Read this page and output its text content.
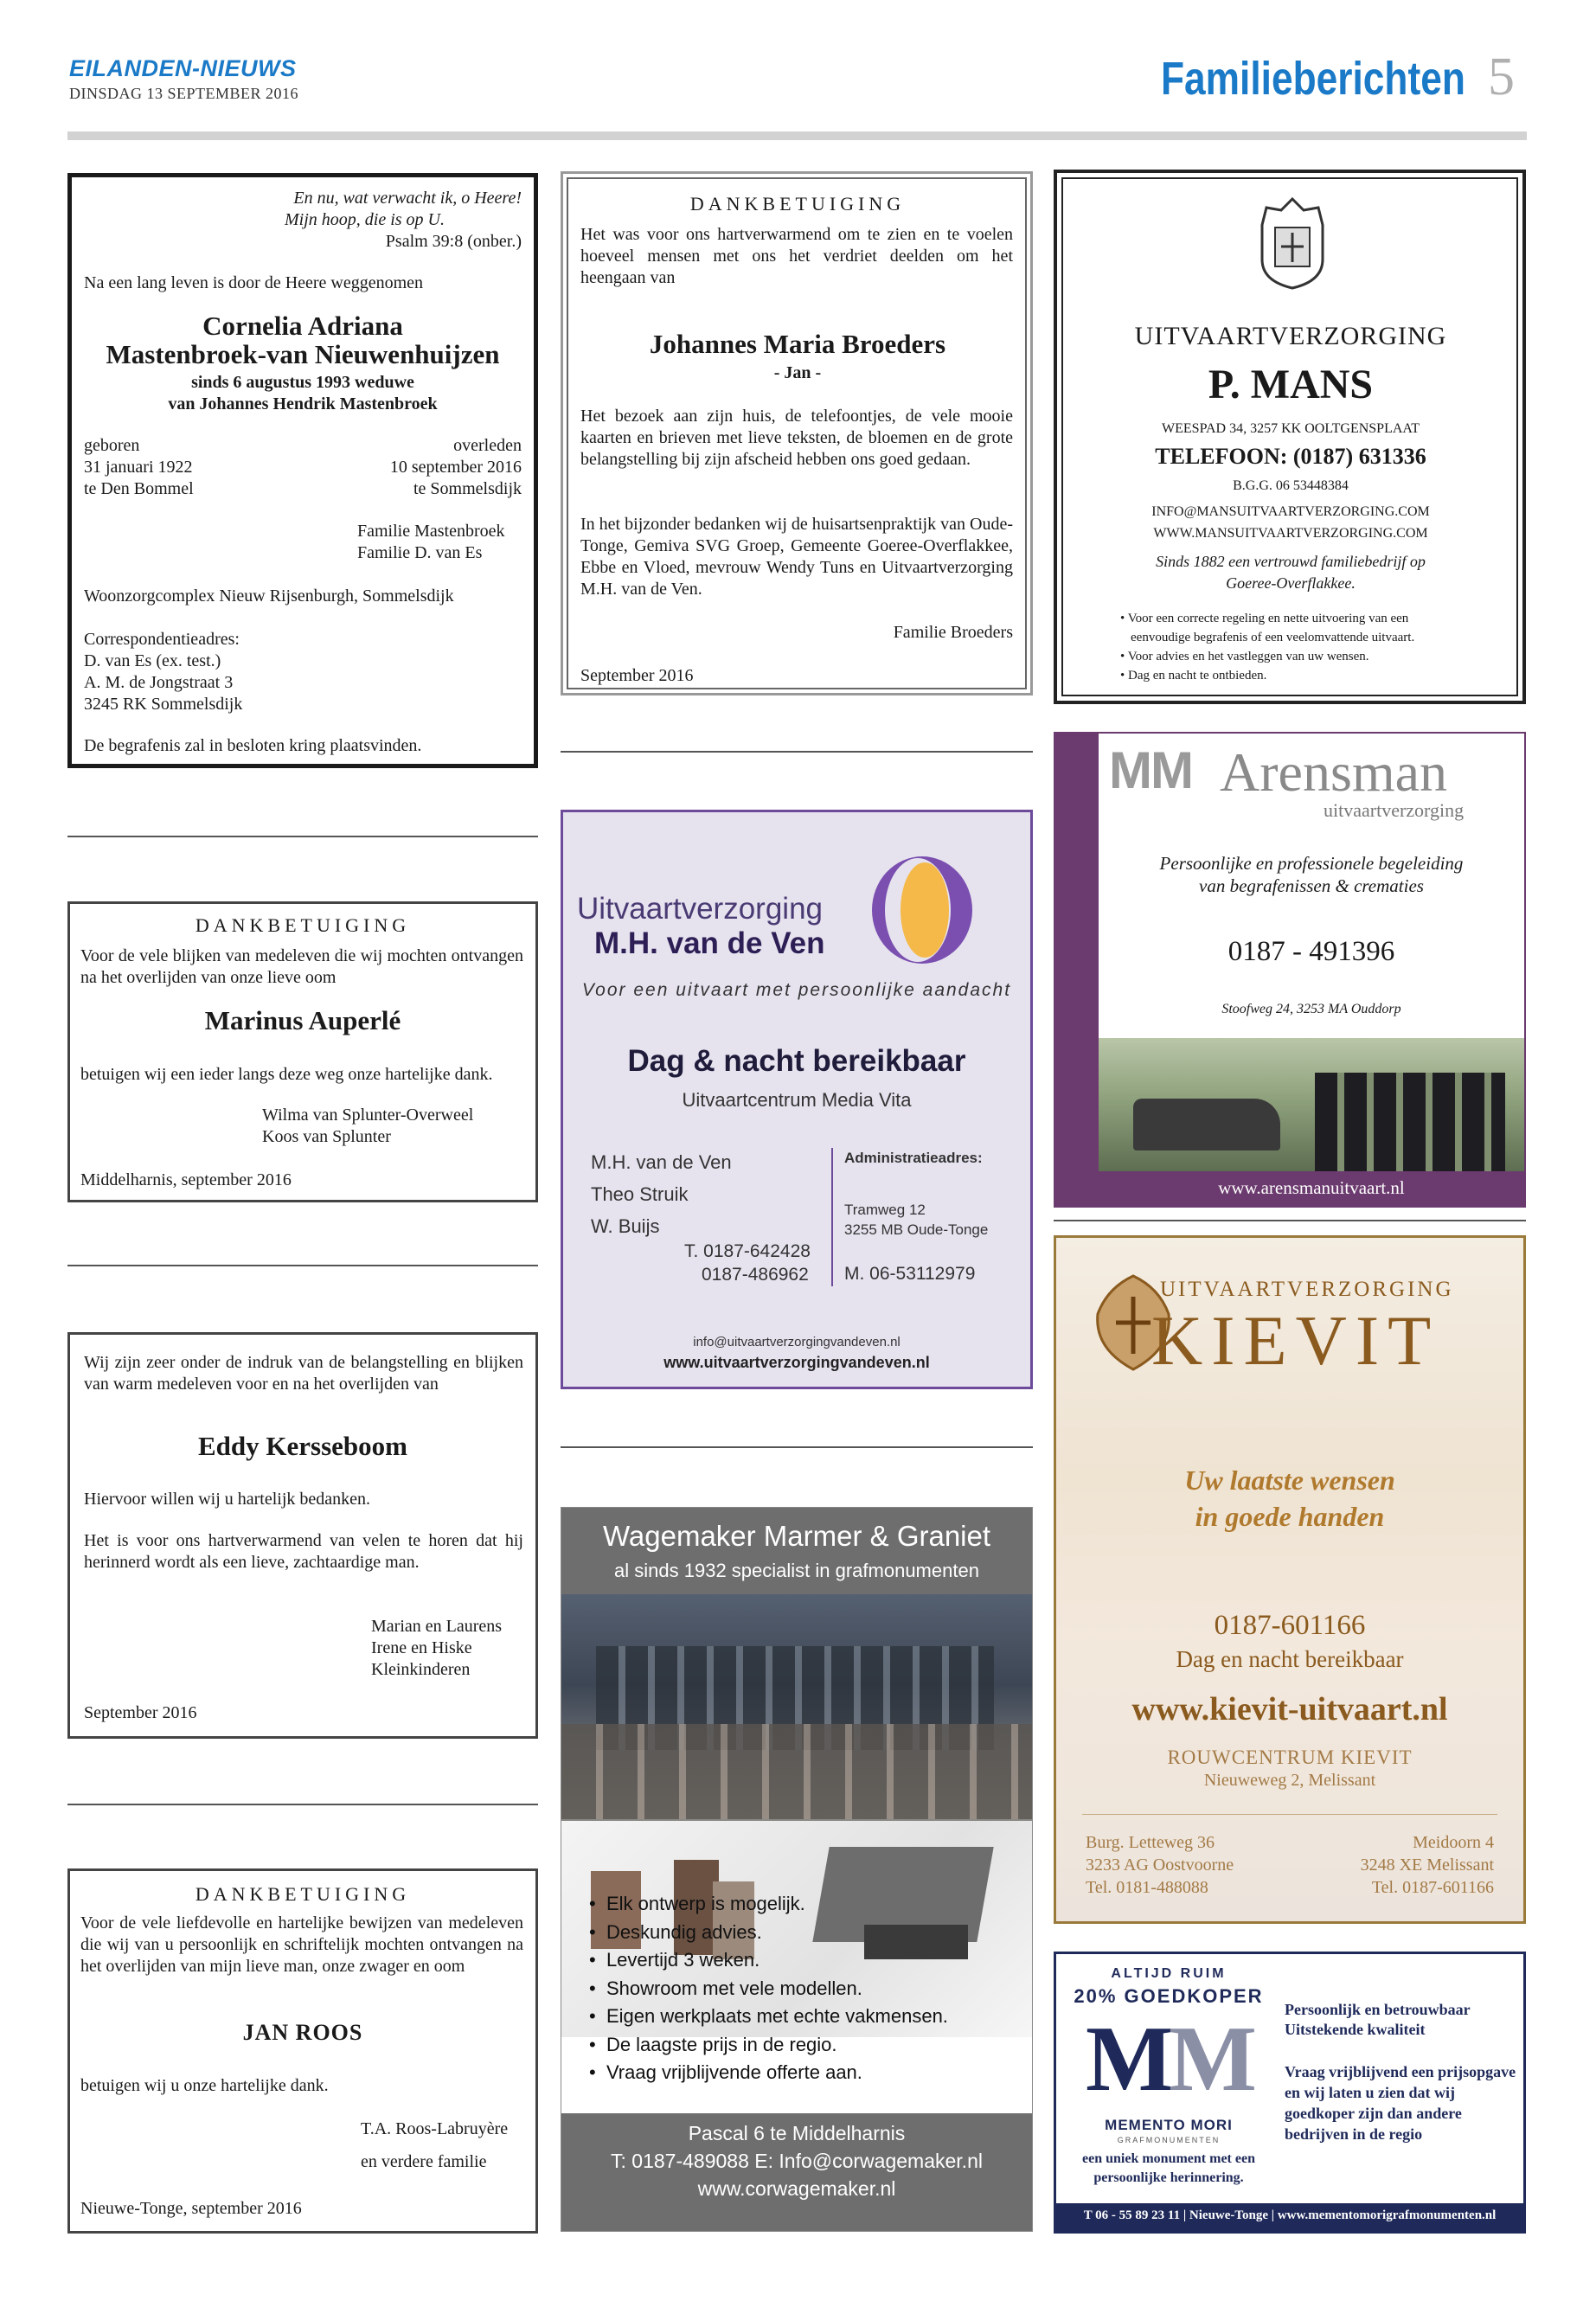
EILANDEN-NIEUWS
DINSDAG 13 SEPTEMBER 2016	Familieberichten 5
En nu, wat verwacht ik, o Heere!
Mijn hoop, die is op U.
Psalm 39:8 (onber.)
Na een lang leven is door de Heere weggenomen
Cornelia Adriana
Mastenbroek-van Nieuwenhuijzen
sinds 6 augustus 1993 weduwe
van Johannes Hendrik Mastenbroek
geboren
31 januari 1922
te Den Bommel
overleden
10 september 2016
te Sommelsdijk
Familie Mastenbroek
Familie D. van Es
Woonzorgcomplex Nieuw Rijsenburgh, Sommelsdijk
Correspondentieadres:
D. van Es (ex. test.)
A. M. de Jongstraat 3
3245 RK Sommelsdijk
De begrafenis zal in besloten kring plaatsvinden.
DANKBETUIGING
Voor de vele blijken van medeleven die wij mochten ontvangen na het overlijden van onze lieve oom
Marinus Auperlé
betuigen wij een ieder langs deze weg onze hartelijke dank.
Wilma van Splunter-Overweel
Koos van Splunter
Middelharnis, september 2016
Wij zijn zeer onder de indruk van de belangstelling en blijken van warm medeleven voor en na het overlijden van
Eddy Kersseboom
Hiervoor willen wij u hartelijk bedanken.
Het is voor ons hartverwarmend van velen te horen dat hij herinnerd wordt als een lieve, zachtaardige man.
Marian en Laurens
Irene en Hiske
Kleinkinderen
September 2016
DANKBETUIGING
Voor de vele liefdevolle en hartelijke bewijzen van medeleven die wij van u persoonlijk en schriftelijk mochten ontvangen na het overlijden van mijn lieve man, onze zwager en oom
JAN ROOS
betuigen wij u onze hartelijke dank.
T.A. Roos-Labruyère
en verdere familie
Nieuwe-Tonge, september 2016
DANKBETUIGING
Het was voor ons hartverwarmend om te zien en te voelen hoeveel mensen met ons het verdriet deelden om het heengaan van
Johannes Maria Broeders
- Jan -
Het bezoek aan zijn huis, de telefoontjes, de vele mooie kaarten en brieven met lieve teksten, de bloemen en de grote belangstelling bij zijn afscheid hebben ons goed gedaan.
In het bijzonder bedanken wij de huisartsenpraktijk van Oude-Tonge, Gemiva SVG Groep, Gemeente Goeree-Overflakkee, Ebbe en Vloed, mevrouw Wendy Tuns en Uitvaartverzorging M.H. van de Ven.
Familie Broeders
September 2016
Uitvaartverzorging
M.H. van de Ven
Voor een uitvaart met persoonlijke aandacht
Dag & nacht bereikbaar
Uitvaartcentrum Media Vita
M.H. van de Ven
Theo Struik
W. Buijs
T. 0187-642428
0187-486962
Administratieadres:
Tramweg 12
3255 MB Oude-Tonge
M. 06-53112979
info@uitvaartverzorgingvandeven.nl
www.uitvaartverzorgingvandeven.nl
Wagemaker Marmer & Graniet
al sinds 1932 specialist in grafmonumenten
•  Elk ontwerp is mogelijk.
•  Deskundig advies.
•  Levertijd 3 weken.
•  Showroom met vele modellen.
•  Eigen werkplaats met echte vakmensen.
•  De laagste prijs in de regio.
•  Vraag vrijblijvende offerte aan.
Pascal 6 te Middelharnis
T: 0187-489088 E: Info@corwagemaker.nl
www.corwagemaker.nl
UITVAARTVERZORGING
P. MANS
WEESPAD 34, 3257 KK OOLTGENSPLAAT
TELEFOON: (0187) 631336
B.G.G. 06 53448384
INFO@MANSUITVAARTVERZORGING.COM
WWW.MANSUITVAARTVERZORGING.COM
Sinds 1882 een vertrouwd familiebedrijf op
Goeree-Overflakkee.
• Voor een correcte regeling en nette uitvoering van een
eenvoudige begrafenis of een veelomvattende uitvaart.
• Voor advies en het vastleggen van uw wensen.
• Dag en nacht te ontbieden.
MM Arensman
uitvaartverzorging
Persoonlijke en professionele begeleiding
van begrafenissen & crematies
0187 - 491396
Stoofweg 24, 3253 MA Ouddorp
www.arensmanuitvaart.nl
UITVAARTVERZORGING
KIEVIT
Uw laatste wensen
in goede handen
0187-601166
Dag en nacht bereikbaar
www.kievit-uitvaart.nl
ROUWCENTRUM KIEVIT
Nieuweweg 2, Melissant
Burg. Letteweg 36
3233 AG Oostvoorne
Tel. 0181-488088
Meidoorn 4
3248 XE Melissant
Tel. 0187-601166
ALTIJD RUIM
20% GOEDKOPER
MM
MEMENTO MORI
GRAFMONUMENTEN
een uniek monument met een
persoonlijke herinnering.
Persoonlijk en betrouwbaar
Uitstekende kwaliteit
Vraag vrijblijvend een prijsopgave en wij laten u zien dat wij goedkoper zijn dan andere bedrijven in de regio
T 06 - 55 89 23 11 | Nieuwe-Tonge | www.mementomorigrafmonumenten.nl
